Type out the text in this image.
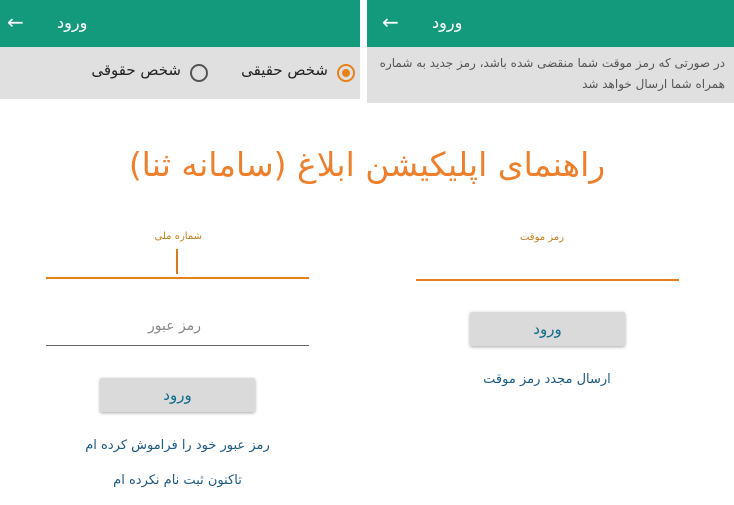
← ورود
شخص حقیقی
شخص حقوقی
شماره ملی
رمز عبور
ورود
رمز عبور خود را فراموش کرده ام
تاکنون ثبت نام نکرده ام
← ورود
در صورتی که رمز موقت شما منقضی شده باشد، رمز جدید به شماره همراه شما ارسال خواهد شد
رمز موقت
ورود
ارسال مجدد رمز موقت
راهنمای اپلیکیشن ابلاغ (سامانه ثنا)
